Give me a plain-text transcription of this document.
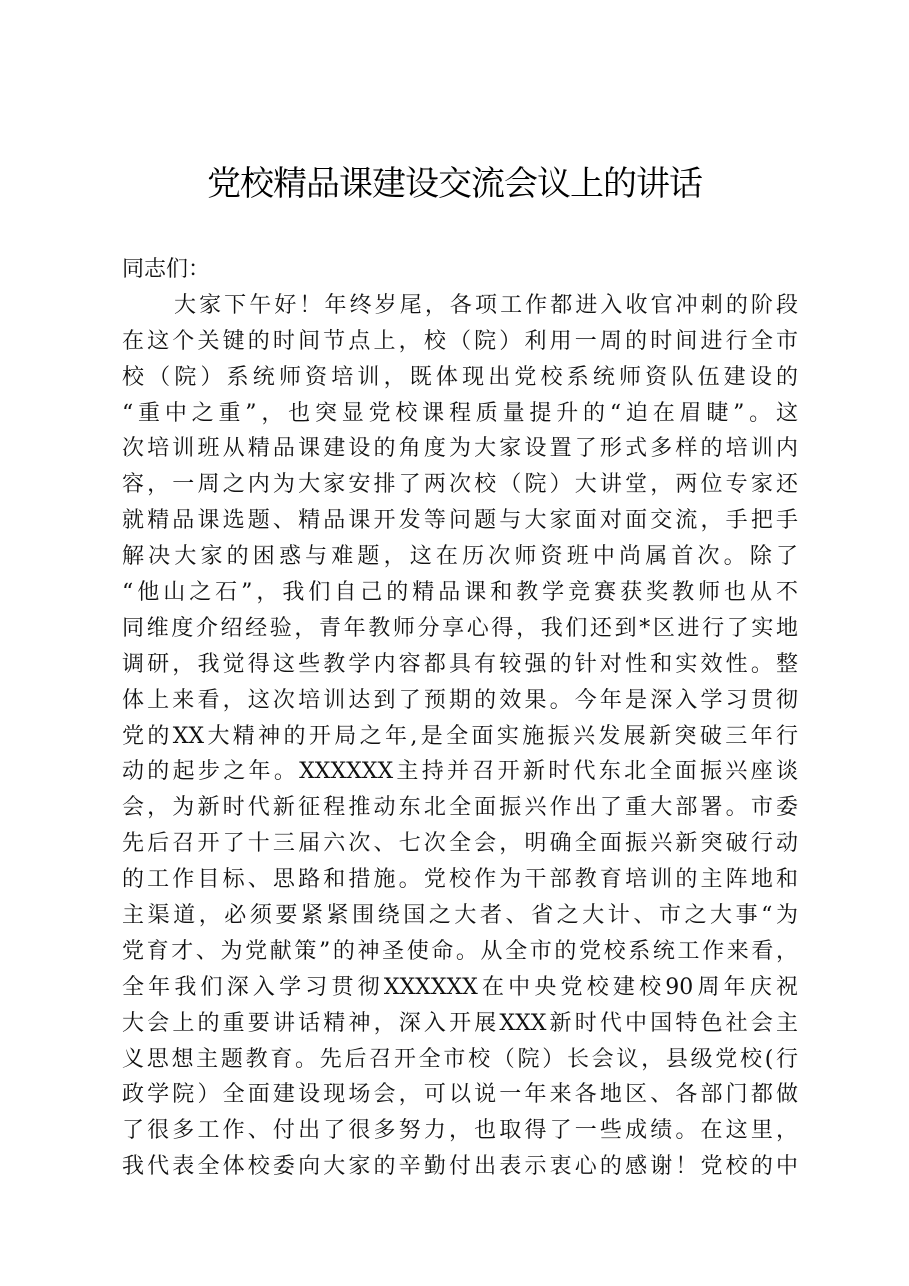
党校精品课建设交流会议上的讲话
同志们：
大家下午好！年终岁尾，各项工作都进入收官冲刺的阶段
在这个关键的时间节点上，校（院）利用一周的时间进行全市
校（院）系统师资培训，既体现出党校系统师资队伍建设的
“重中之重”，也突显党校课程质量提升的“迫在眉睫”。这
次培训班从精品课建设的角度为大家设置了形式多样的培训内
容，一周之内为大家安排了两次校（院）大讲堂，两位专家还
就精品课选题、精品课开发等问题与大家面对面交流，手把手
解决大家的困惑与难题，这在历次师资班中尚属首次。除了
“他山之石”，我们自己的精品课和教学竞赛获奖教师也从不
同维度介绍经验，青年教师分享心得，我们还到*区进行了实地
调研，我觉得这些教学内容都具有较强的针对性和实效性。整
体上来看，这次培训达到了预期的效果。今年是深入学习贯彻
党的XX大精神的开局之年,是全面实施振兴发展新突破三年行
动的起步之年。XXXXXX主持并召开新时代东北全面振兴座谈
会，为新时代新征程推动东北全面振兴作出了重大部署。市委
先后召开了十三届六次、七次全会，明确全面振兴新突破行动
的工作目标、思路和措施。党校作为干部教育培训的主阵地和
主渠道，必须要紧紧围绕国之大者、省之大计、市之大事“为
党育才、为党献策”的神圣使命。从全市的党校系统工作来看，
全年我们深入学习贯彻XXXXXX在中央党校建校90周年庆祝
大会上的重要讲话精神，深入开展XXX新时代中国特色社会主
义思想主题教育。先后召开全市校（院）长会议，县级党校(行
政学院）全面建设现场会，可以说一年来各地区、各部门都做
了很多工作、付出了很多努力，也取得了一些成绩。在这里，
我代表全体校委向大家的辛勤付出表示衷心的感谢！党校的中
